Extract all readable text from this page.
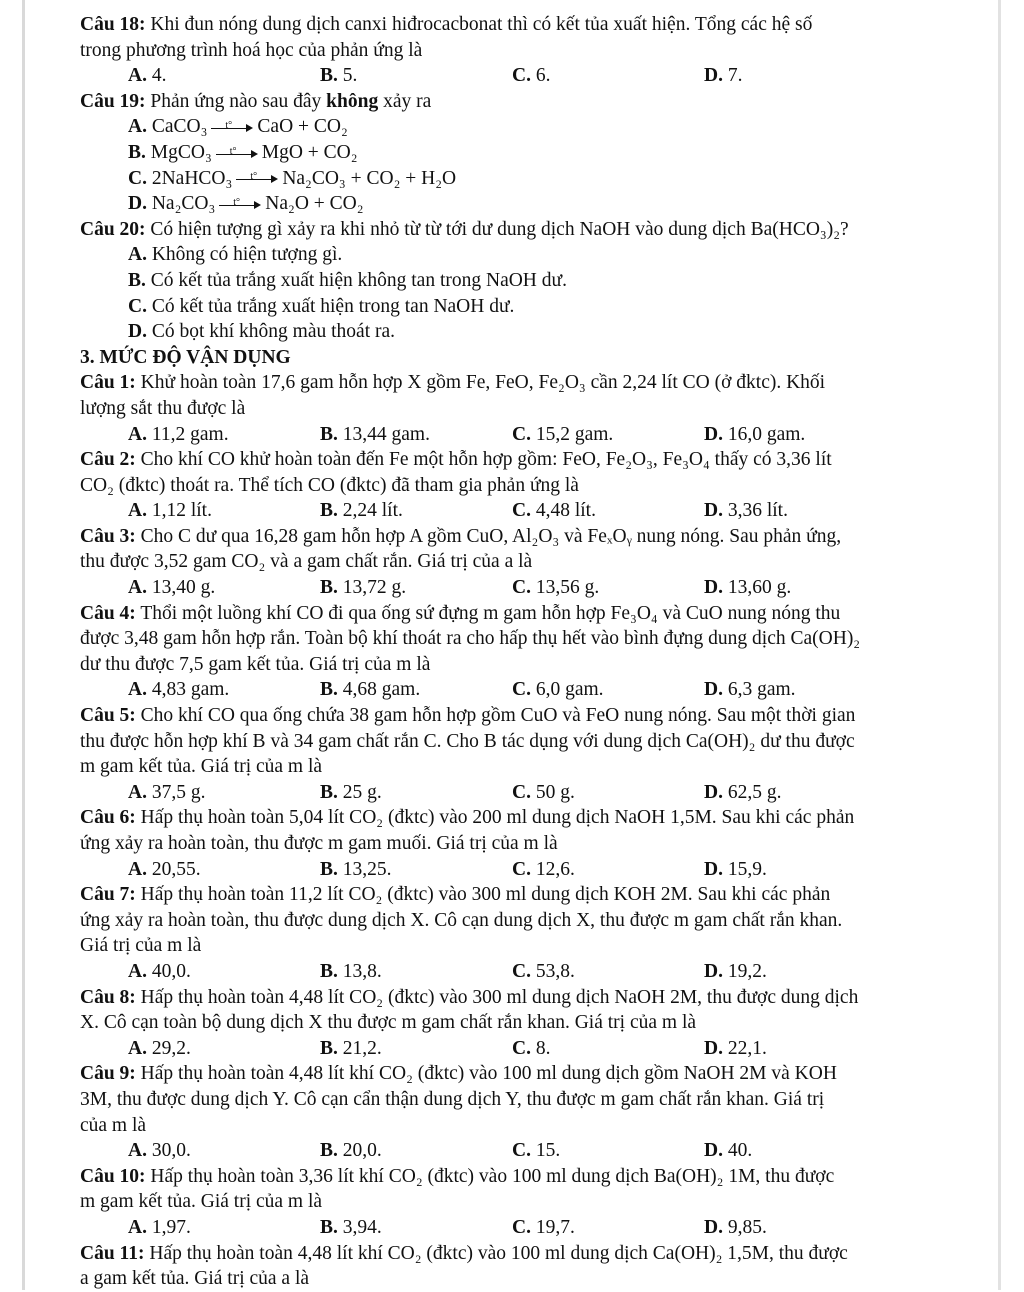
Câu 18: Khi đun nóng dung dịch canxi hiđrocacbonat thì có kết tủa xuất hiện. Tổng các hệ số
trong phương trình hoá học của phản ứng là
A. 4.	B. 5.	C. 6.	D. 7.
Câu 19: Phản ứng nào sau đây không xảy ra
A. CaCO₃ t° CaO + CO₂
B. MgCO₃ t° MgO + CO₂
C. 2NaHCO₃ t° Na₂CO₃ + CO₂ + H₂O
D. Na₂CO₃ t° Na₂O + CO₂
Câu 20: Có hiện tượng gì xảy ra khi nhỏ từ từ tới dư dung dịch NaOH vào dung dịch Ba(HCO₃)₂?
A. Không có hiện tượng gì.
B. Có kết tủa trắng xuất hiện không tan trong NaOH dư.
C. Có kết tủa trắng xuất hiện trong tan NaOH dư.
D. Có bọt khí không màu thoát ra.
3. MỨC ĐỘ VẬN DỤNG
Câu 1: Khử hoàn toàn 17,6 gam hỗn hợp X gồm Fe, FeO, Fe₂O₃ cần 2,24 lít CO (ở đktc). Khối
lượng sắt thu được là
A. 11,2 gam.	B. 13,44 gam.	C. 15,2 gam.	D. 16,0 gam.
Câu 2: Cho khí CO khử hoàn toàn đến Fe một hỗn hợp gồm: FeO, Fe₂O₃, Fe₃O₄ thấy có 3,36 lít
CO₂ (đktc) thoát ra. Thể tích CO (đktc) đã tham gia phản ứng là
A. 1,12 lít.	B. 2,24 lít.	C. 4,48 lít.	D. 3,36 lít.
Câu 3: Cho C dư qua 16,28 gam hỗn hợp A gồm CuO, Al₂O₃ và FeₓOᵧ nung nóng. Sau phản ứng,
thu được 3,52 gam CO₂ và a gam chất rắn. Giá trị của a là
A. 13,40 g.	B. 13,72 g.	C. 13,56 g.	D. 13,60 g.
Câu 4: Thổi một luồng khí CO đi qua ống sứ đựng m gam hỗn hợp Fe₃O₄ và CuO nung nóng thu
được 3,48 gam hỗn hợp rắn. Toàn bộ khí thoát ra cho hấp thụ hết vào bình đựng dung dịch Ca(OH)₂
dư thu được 7,5 gam kết tủa. Giá trị của m là
A. 4,83 gam.	B. 4,68 gam.	C. 6,0 gam.	D. 6,3 gam.
Câu 5: Cho khí CO qua ống chứa 38 gam hỗn hợp gồm CuO và FeO nung nóng. Sau một thời gian
thu được hỗn hợp khí B và 34 gam chất rắn C. Cho B tác dụng với dung dịch Ca(OH)₂ dư thu được
m gam kết tủa. Giá trị của m là
A. 37,5 g.	B. 25 g.	C. 50 g.	D. 62,5 g.
Câu 6: Hấp thụ hoàn toàn 5,04 lít CO₂ (đktc) vào 200 ml dung dịch NaOH 1,5M. Sau khi các phản
ứng xảy ra hoàn toàn, thu được m gam muối. Giá trị của m là
A. 20,55.	B. 13,25.	C. 12,6.	D. 15,9.
Câu 7: Hấp thụ hoàn toàn 11,2 lít CO₂ (đktc) vào 300 ml dung dịch KOH 2M. Sau khi các phản
ứng xảy ra hoàn toàn, thu được dung dịch X. Cô cạn dung dịch X, thu được m gam chất rắn khan.
Giá trị của m là
A. 40,0.	B. 13,8.	C. 53,8.	D. 19,2.
Câu 8: Hấp thụ hoàn toàn 4,48 lít CO₂ (đktc) vào 300 ml dung dịch NaOH 2M, thu được dung dịch
X. Cô cạn toàn bộ dung dịch X thu được m gam chất rắn khan. Giá trị của m là
A. 29,2.	B. 21,2.	C. 8.	D. 22,1.
Câu 9: Hấp thụ hoàn toàn 4,48 lít khí CO₂ (đktc) vào 100 ml dung dịch gồm NaOH 2M và KOH
3M, thu được dung dịch Y. Cô cạn cẩn thận dung dịch Y, thu được m gam chất rắn khan. Giá trị
của m là
A. 30,0.	B. 20,0.	C. 15.	D. 40.
Câu 10: Hấp thụ hoàn toàn 3,36 lít khí CO₂ (đktc) vào 100 ml dung dịch Ba(OH)₂ 1M, thu được
m gam kết tủa. Giá trị của m là
A. 1,97.	B. 3,94.	C. 19,7.	D. 9,85.
Câu 11: Hấp thụ hoàn toàn 4,48 lít khí CO₂ (đktc) vào 100 ml dung dịch Ca(OH)₂ 1,5M, thu được
a gam kết tủa. Giá trị của a là
